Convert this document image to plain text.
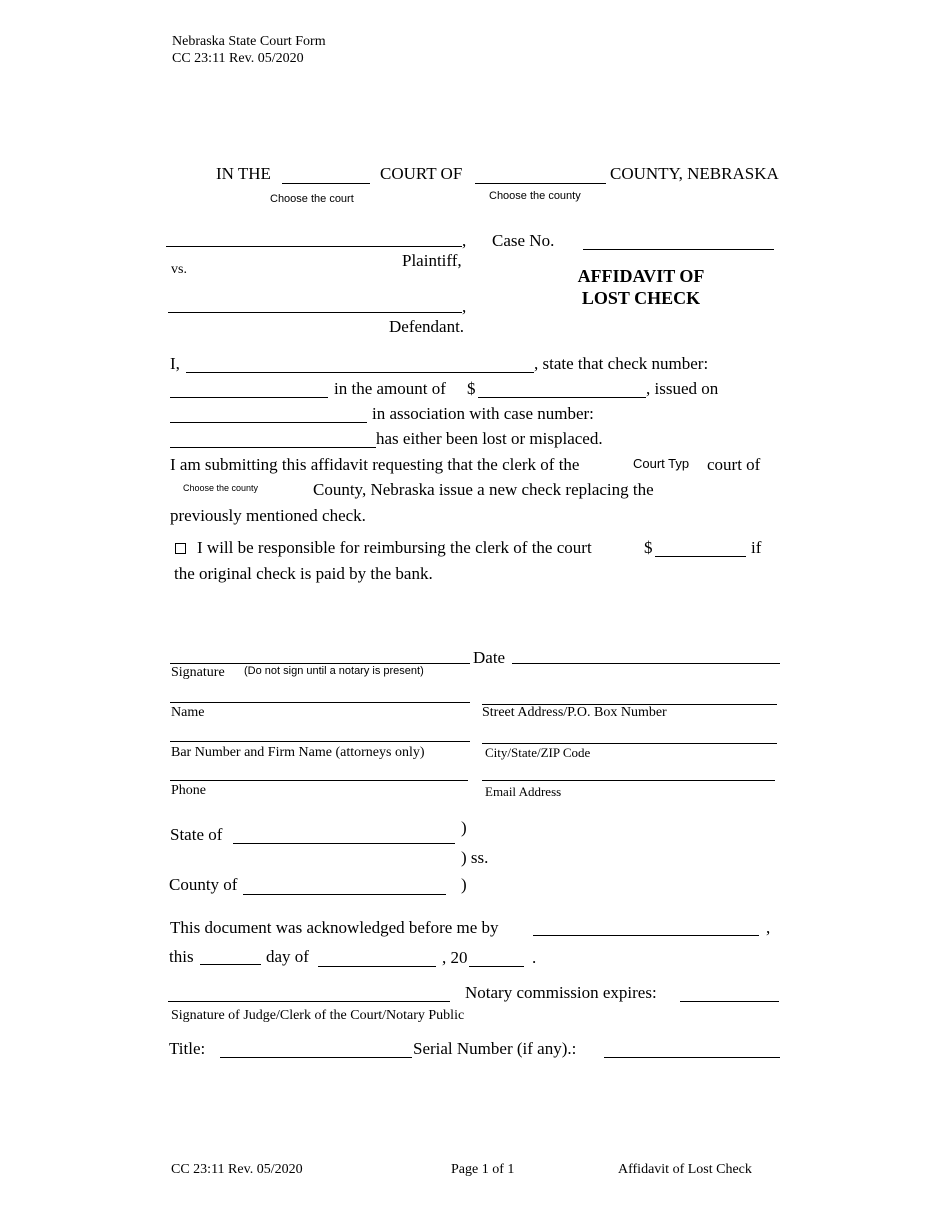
Nebraska State Court Form
CC 23:11 Rev. 05/2020
IN THE	COURT OF	COUNTY, NEBRASKA
Choose the court	Choose the county
,
Plaintiff,
vs.
,
Defendant.
Case No.
AFFIDAVIT OF
LOST CHECK
I,	, state that check number:
in the amount of $	, issued on
in association with case number:
has either been lost or misplaced.
I am submitting this affidavit requesting that the clerk of the	Court Typ court of
Choose the county	County, Nebraska issue a new check replacing the
previously mentioned check.
I will be responsible for reimbursing the clerk of the court	$	if
the original check is paid by the bank.
Signature (Do not sign until a notary is present)
Date
Name	Street Address/P.O. Box Number
Bar Number and Firm Name (attorneys only)	City/State/ZIP Code
Phone	Email Address
State of	)
) ss.
County of	)
This document was acknowledged before me by	,
this	day of	, 20	.
Notary commission expires:
Signature of Judge/Clerk of the Court/Notary Public
Title:	Serial Number (if any).:
CC 23:11 Rev. 05/2020	Page 1 of 1	Affidavit of Lost Check
